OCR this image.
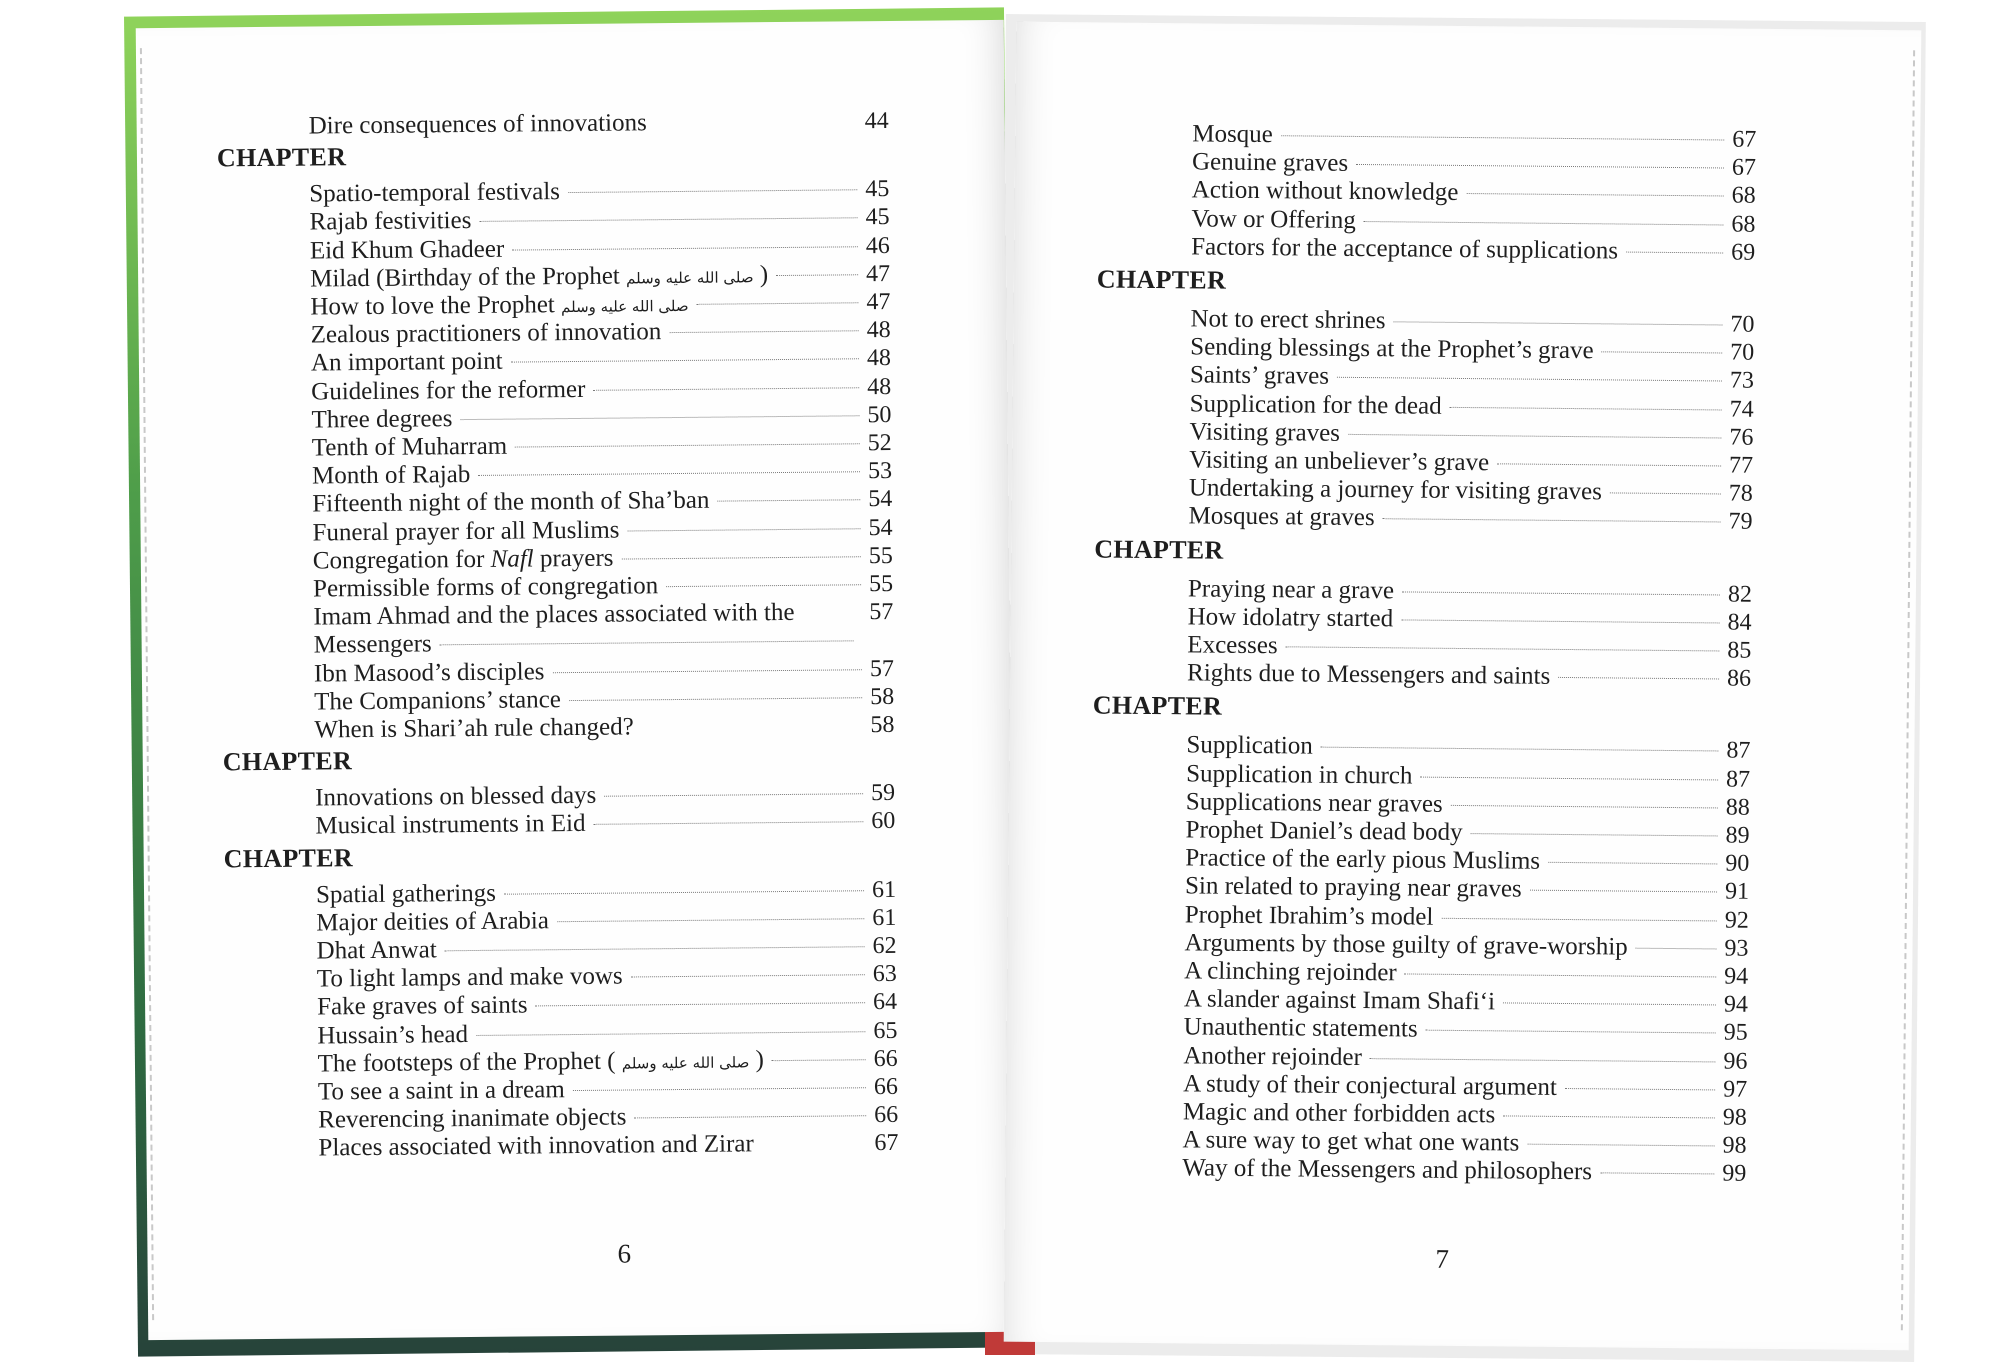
6
Dire consequences of innovations	44
CHAPTER
Spatio-temporal festivals	45
Rajab festivities	45
Eid Khum Ghadeer	46
Milad (Birthday of the Prophet صلى الله عليه وسلم )	47
How to love the Prophet صلى الله عليه وسلم	47
Zealous practitioners of innovation	48
An important point	48
Guidelines for the reformer	48
Three degrees	50
Tenth of Muharram	52
Month of Rajab	53
Fifteenth night of the month of Sha’ban	54
Funeral prayer for all Muslims	54
Congregation for Nafl prayers	55
Permissible forms of congregation	55
Imam Ahmad and the places associated with the	57
Messengers
Ibn Masood’s disciples	57
The Companions’ stance	58
When is Shari’ah rule changed?	58
CHAPTER
Innovations on blessed days	59
Musical instruments in Eid	60
CHAPTER
Spatial gatherings	61
Major deities of Arabia	61
Dhat Anwat	62
To light lamps and make vows	63
Fake graves of saints	64
Hussain’s head	65
The footsteps of the Prophet ( صلى الله عليه وسلم )	66
To see a saint in a dream	66
Reverencing inanimate objects	66
Places associated with innovation and Zirar	67
7
Mosque	67
Genuine graves	67
Action without knowledge	68
Vow or Offering	68
Factors for the acceptance of supplications	69
CHAPTER
Not to erect shrines	70
Sending blessings at the Prophet’s grave	70
Saints’ graves	73
Supplication for the dead	74
Visiting graves	76
Visiting an unbeliever’s grave	77
Undertaking a journey for visiting graves	78
Mosques at graves	79
CHAPTER
Praying near a grave	82
How idolatry started	84
Excesses	85
Rights due to Messengers and saints	86
CHAPTER
Supplication	87
Supplication in church	87
Supplications near graves	88
Prophet Daniel’s dead body	89
Practice of the early pious Muslims	90
Sin related to praying near graves	91
Prophet Ibrahim’s model	92
Arguments by those guilty of grave-worship	93
A clinching rejoinder	94
A slander against Imam Shafi‘i	94
Unauthentic statements	95
Another rejoinder	96
A study of their conjectural argument	97
Magic and other forbidden acts	98
A sure way to get what one wants	98
Way of the Messengers and philosophers	99
